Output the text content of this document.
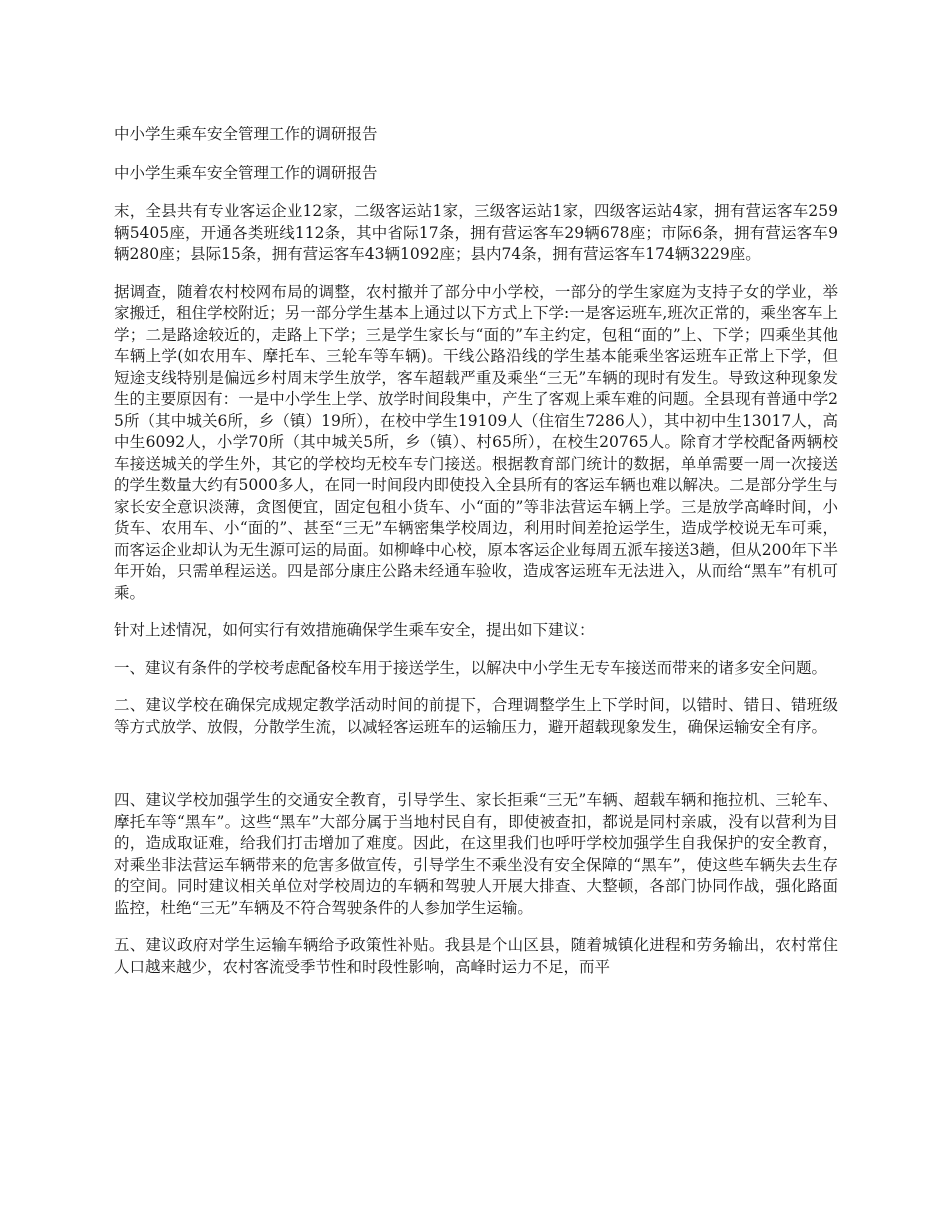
中小学生乘车安全管理工作的调研报告

中小学生乘车安全管理工作的调研报告

末，全县共有专业客运企业12家，二级客运站1家，三级客运站1家，四级客运站4家，拥有营运客车259辆5405座，开通各类班线112条，其中省际17条，拥有营运客车29辆678座；市际6条，拥有营运客车9辆280座；县际15条，拥有营运客车43辆1092座；县内74条，拥有营运客车174辆3229座。

据调查，随着农村校网布局的调整，农村撤并了部分中小学校，一部分的学生家庭为支持子女的学业，举家搬迁，租住学校附近；另一部分学生基本上通过以下方式上下学:一是客运班车,班次正常的，乘坐客车上学；二是路途较近的，走路上下学；三是学生家长与“面的”车主约定，包租“面的”上、下学；四乘坐其他车辆上学(如农用车、摩托车、三轮车等车辆)。干线公路沿线的学生基本能乘坐客运班车正常上下学，但短途支线特别是偏远乡村周末学生放学，客车超载严重及乘坐“三无”车辆的现时有发生。导致这种现象发生的主要原因有：一是中小学生上学、放学时间段集中，产生了客观上乘车难的问题。全县现有普通中学25所（其中城关6所，乡（镇）19所），在校中学生19109人（住宿生7286人），其中初中生13017人，高中生6092人，小学70所（其中城关5所，乡（镇）、村65所），在校生20765人。除育才学校配备两辆校车接送城关的学生外，其它的学校均无校车专门接送。根据教育部门统计的数据，单单需要一周一次接送的学生数量大约有5000多人，在同一时间段内即使投入全县所有的客运车辆也难以解决。二是部分学生与家长安全意识淡薄，贪图便宜，固定包租小货车、小“面的”等非法营运车辆上学。三是放学高峰时间，小货车、农用车、小“面的”、甚至“三无”车辆密集学校周边，利用时间差抢运学生，造成学校说无车可乘，而客运企业却认为无生源可运的局面。如柳峰中心校，原本客运企业每周五派车接送3趟，但从200年下半年开始，只需单程运送。四是部分康庄公路未经通车验收，造成客运班车无法进入，从而给“黑车”有机可乘。

针对上述情况，如何实行有效措施确保学生乘车安全，提出如下建议：

一、建议有条件的学校考虑配备校车用于接送学生，以解决中小学生无专车接送而带来的诸多安全问题。

二、建议学校在确保完成规定教学活动时间的前提下，合理调整学生上下学时间，以错时、错日、错班级等方式放学、放假，分散学生流，以减轻客运班车的运输压力，避开超载现象发生，确保运输安全有序。

四、建议学校加强学生的交通安全教育，引导学生、家长拒乘“三无”车辆、超载车辆和拖拉机、三轮车、摩托车等“黑车”。这些“黑车”大部分属于当地村民自有，即使被查扣，都说是同村亲戚，没有以营利为目的，造成取证难，给我们打击增加了难度。因此，在这里我们也呼吁学校加强学生自我保护的安全教育，对乘坐非法营运车辆带来的危害多做宣传，引导学生不乘坐没有安全保障的“黑车”，使这些车辆失去生存的空间。同时建议相关单位对学校周边的车辆和驾驶人开展大排查、大整顿，各部门协同作战，强化路面监控，杜绝“三无”车辆及不符合驾驶条件的人参加学生运输。

五、建议政府对学生运输车辆给予政策性补贴。我县是个山区县，随着城镇化进程和劳务输出，农村常住人口越来越少，农村客流受季节性和时段性影响，高峰时运力不足，而平
